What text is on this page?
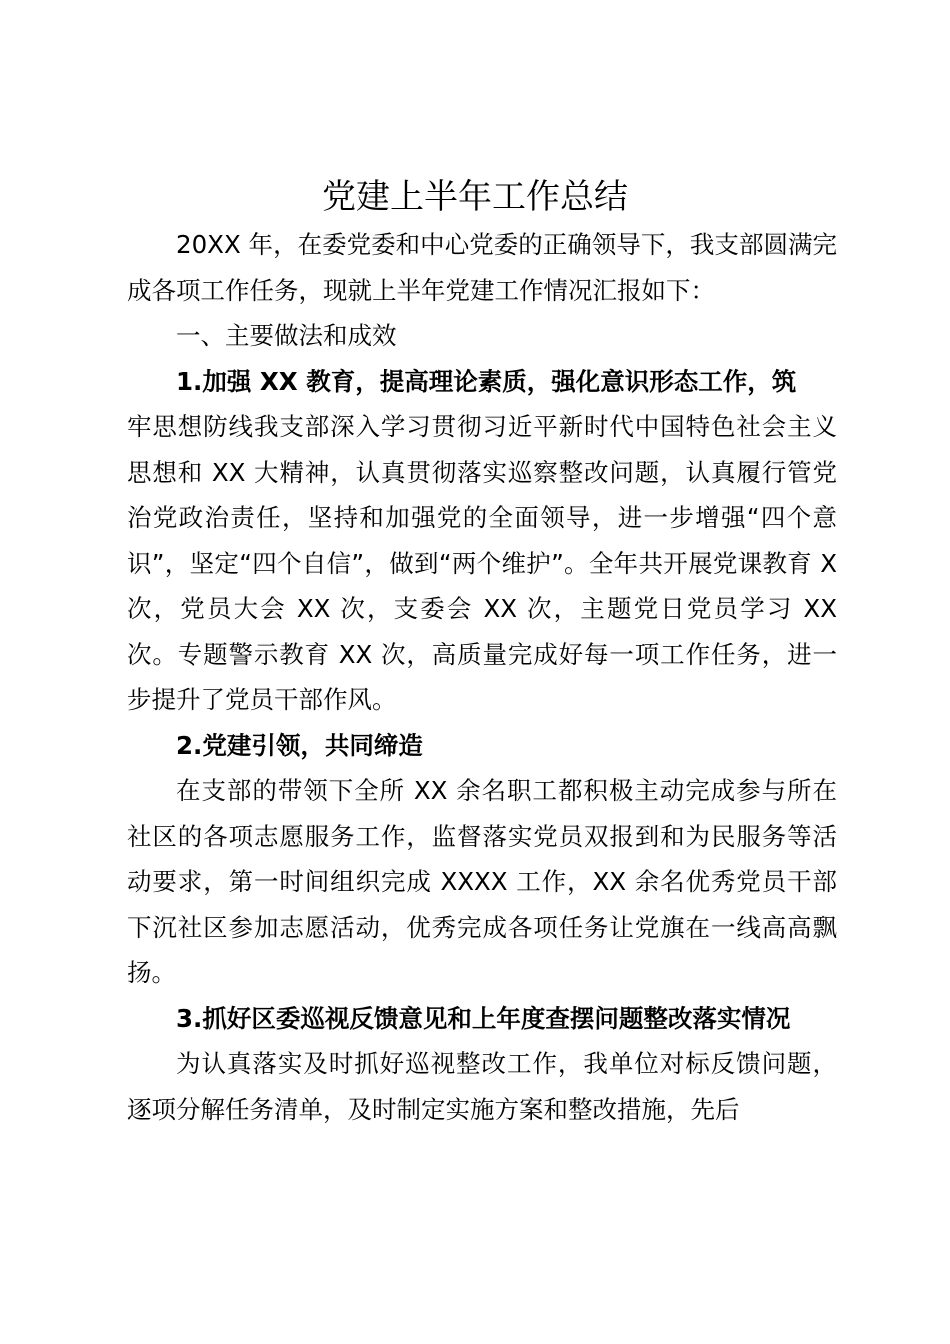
党建上半年工作总结

20XX 年，在委党委和中心党委的正确领导下，我支部圆满完成各项工作任务，现就上半年党建工作情况汇报如下：

一、主要做法和成效

1.加强 XX 教育，提高理论素质，强化意识形态工作，筑

牢思想防线我支部深入学习贯彻习近平新时代中国特色社会主义思想和 XX 大精神，认真贯彻落实巡察整改问题，认真履行管党治党政治责任，坚持和加强党的全面领导，进一步增强“四个意识”，坚定“四个自信”，做到“两个维护”。全年共开展党课教育 X 次，党员大会 XX 次，支委会 XX 次，主题党日党员学习 XX 次。专题警示教育 XX 次，高质量完成好每一项工作任务，进一步提升了党员干部作风。

2.党建引领，共同缔造

在支部的带领下全所 XX 余名职工都积极主动完成参与所在社区的各项志愿服务工作，监督落实党员双报到和为民服务等活动要求，第一时间组织完成 XXXX 工作，XX 余名优秀党员干部下沉社区参加志愿活动，优秀完成各项任务让党旗在一线高高飘扬。

3.抓好区委巡视反馈意见和上年度查摆问题整改落实情况

为认真落实及时抓好巡视整改工作，我单位对标反馈问题，逐项分解任务清单，及时制定实施方案和整改措施，先后
